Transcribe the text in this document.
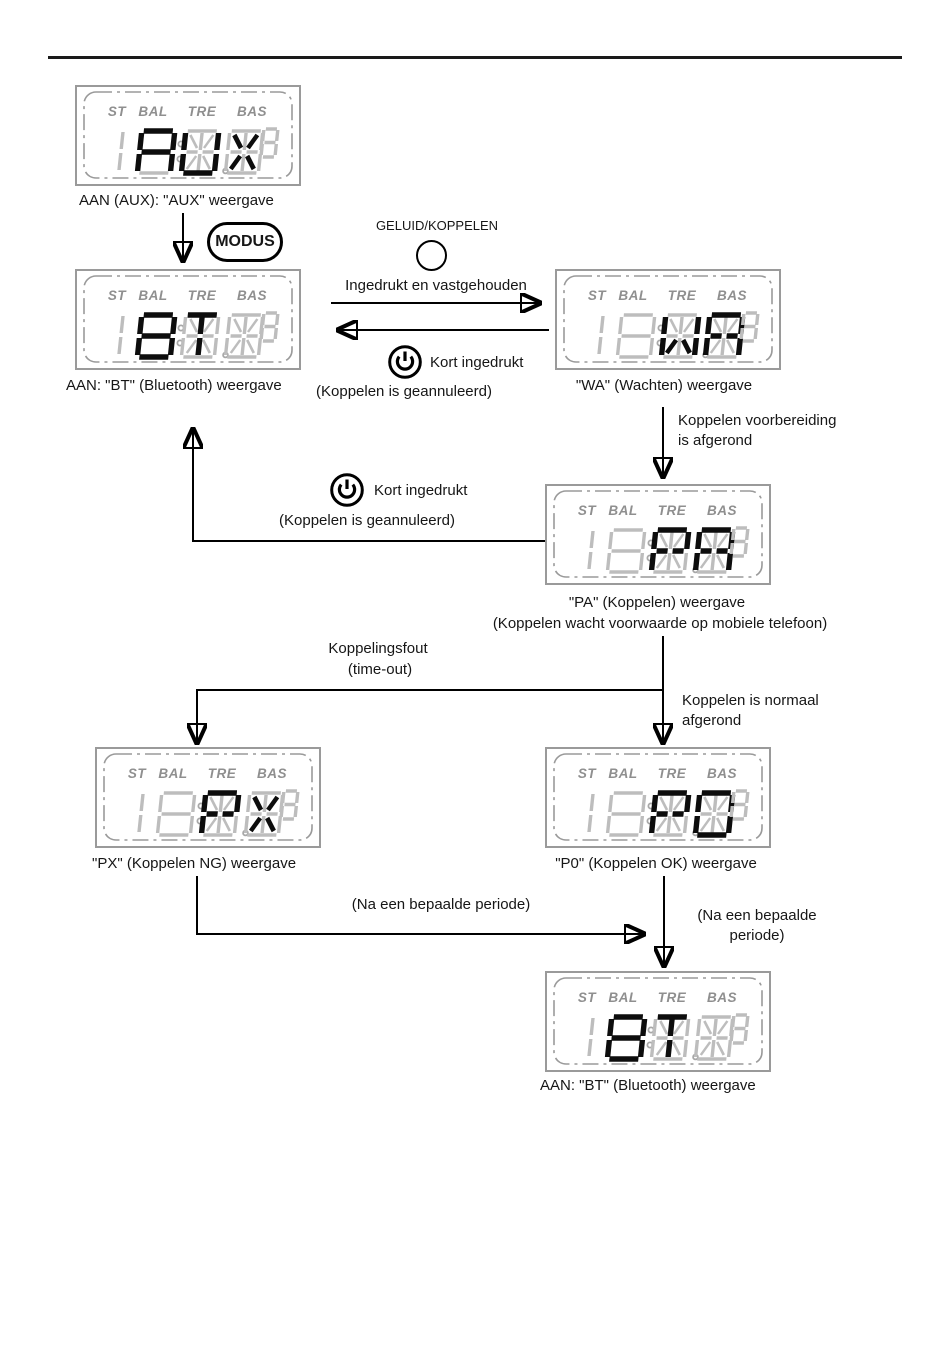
ST BAL TRE BAS
ST BAL TRE BAS	ST BAL TRE BAS
ST BAL TRE BAS
ST BAL TRE BAS	ST BAL TRE BAS
ST BAL TRE BAS
AAN (AUX): "AUX" weergave
AAN: "BT" (Bluetooth) weergave	"WA" (Wachten) weergave
"PA" (Koppelen) weergave
(Koppelen wacht voorwaarde op mobiele telefoon)
"PX" (Koppelen NG) weergave	"P0" (Koppelen OK) weergave
AAN: "BT" (Bluetooth) weergave
MODUS
GELUID/KOPPELEN
Ingedrukt en vastgehouden
Kort ingedrukt
(Koppelen is geannuleerd)
Koppelen voorbereiding
is afgerond
Kort ingedrukt
(Koppelen is geannuleerd)
Koppelingsfout
(time-out)
Koppelen is normaal
afgerond
(Na een bepaalde periode)
(Na een bepaalde
periode)
